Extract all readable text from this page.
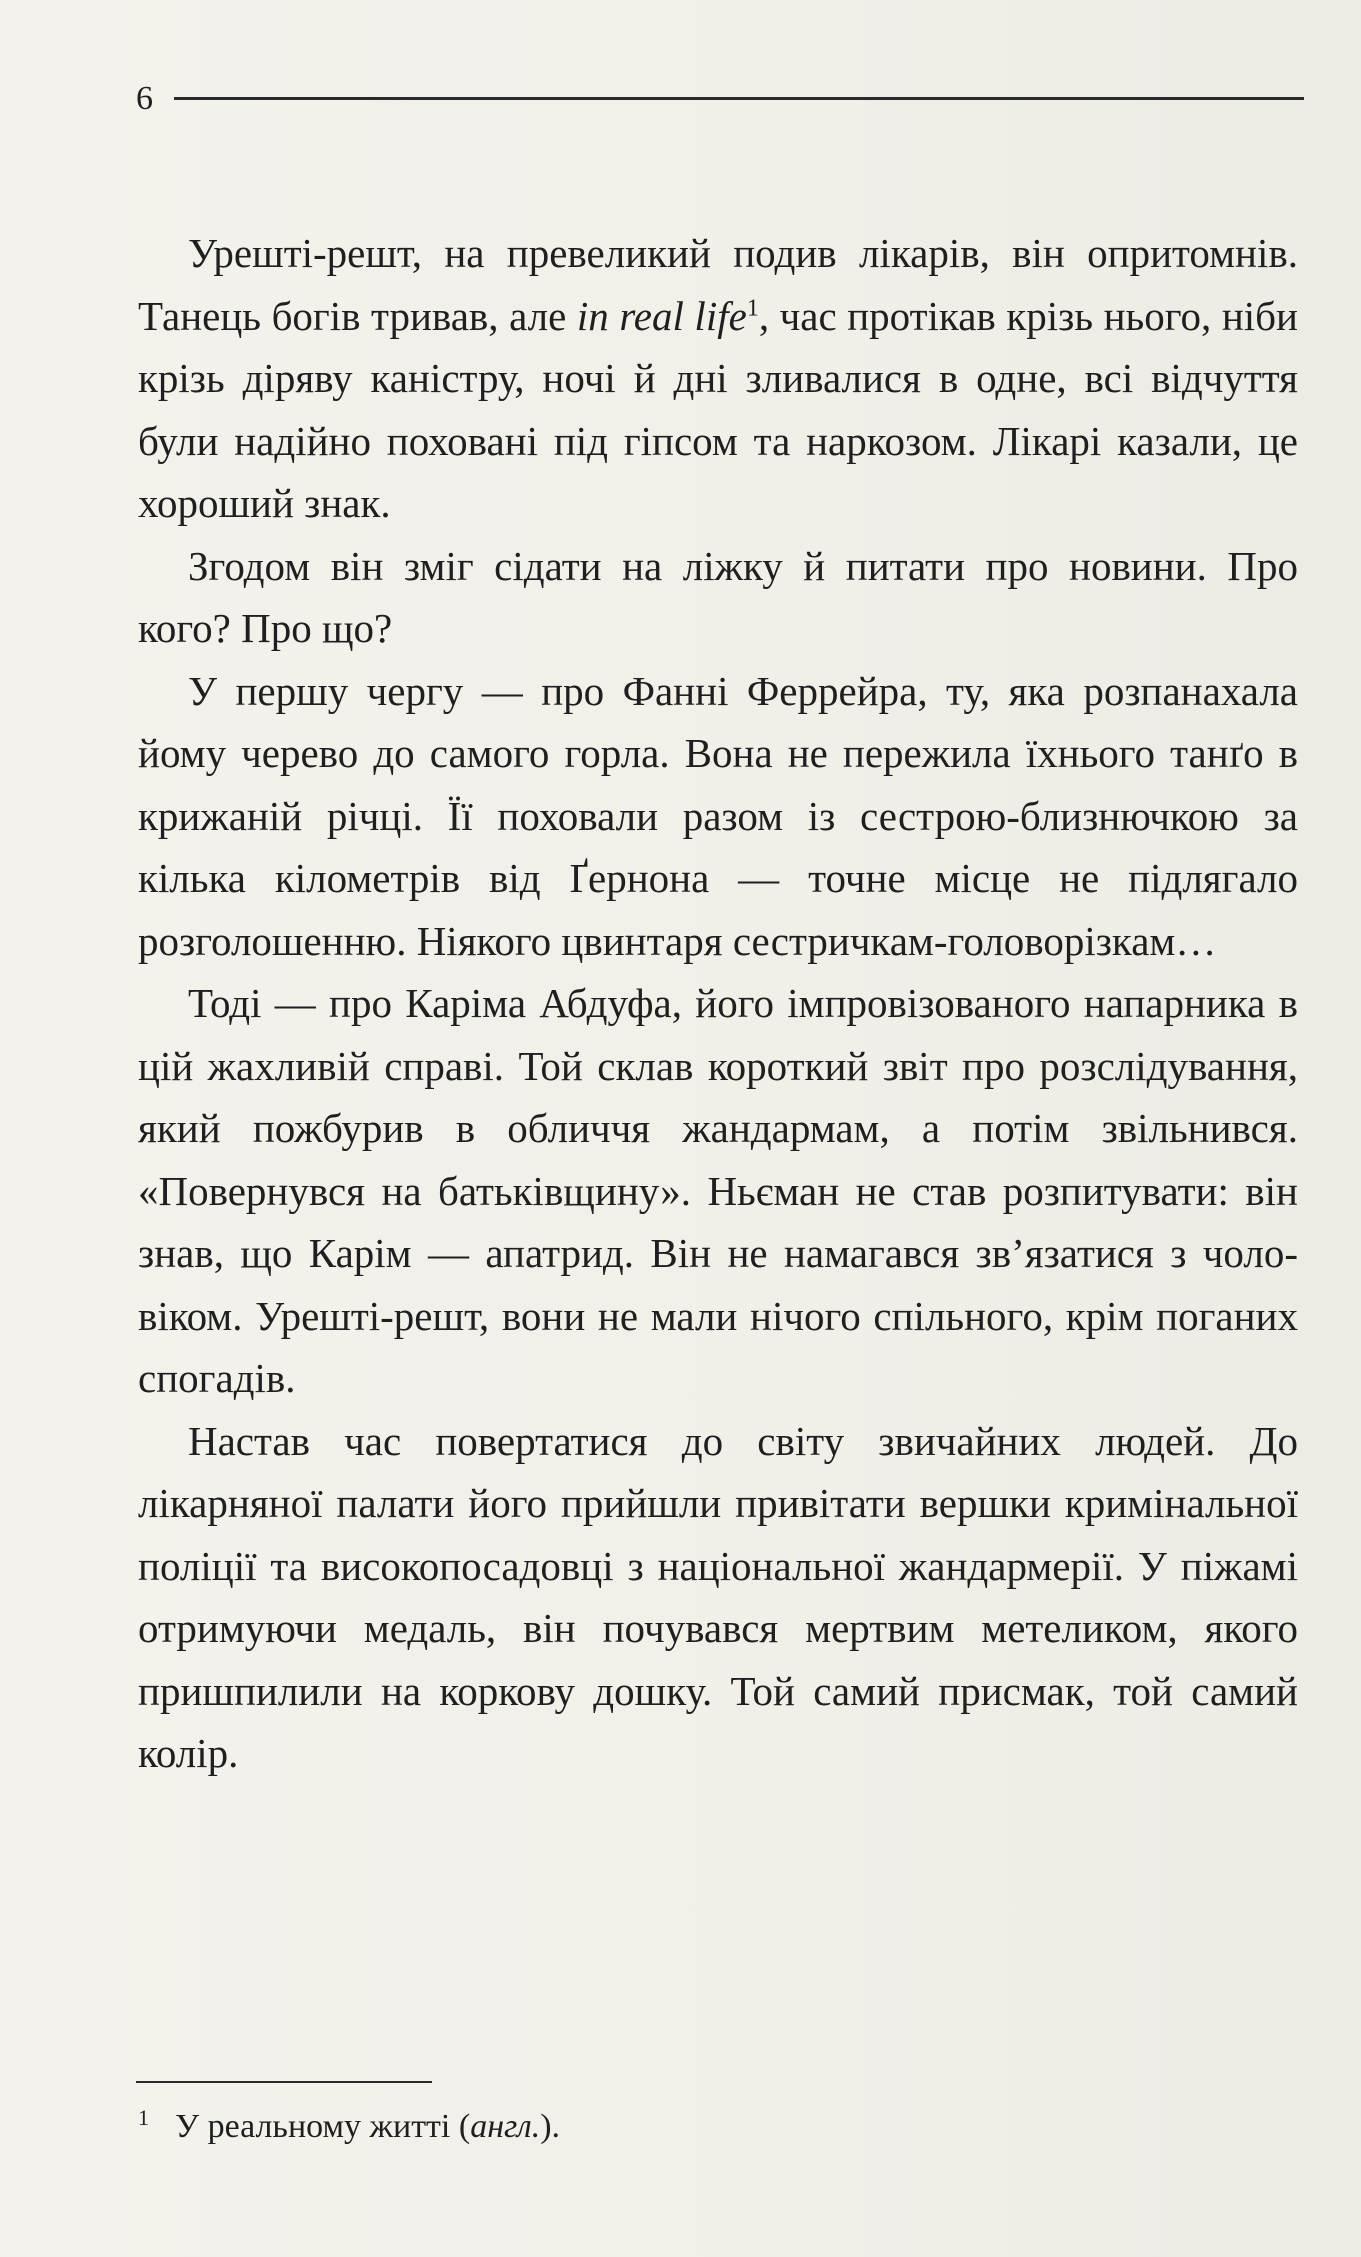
6

Урешті-решт, на превеликий подив лікарів, він опритомнів. Танець богів тривав, але in real life$^1$, час протікав крізь нього, ніби крізь діряву каністру, ночі й дні зливалися в одне, всі відчуття були надійно поховані під гіпсом та наркозом. Лікарі казали, це хороший знак.

Згодом він зміг сідати на ліжку й питати про новини. Про кого? Про що?

У першу чергу — про Фанні Феррейра, ту, яка розпанахала йому черево до самого горла. Вона не пережила їхнього танґо в крижаній річці. Її поховали разом із сестрою-близнючкою за кілька кілометрів від Ґернона — точне місце не підлягало розголошенню. Ніякого цвинтаря сестричкам-головорізкам…

Тоді — про Каріма Абдуфа, його імпровізованого напарника в цій жахливій справі. Той склав короткий звіт про розслідування, який пожбурив в обличчя жандармам, а потім звільнився. «Повернувся на батьківщину». Ньєман не став розпитувати: він знав, що Карім — апатрид. Він не намагався зв’язатися з чоловіком. Урешті-решт, вони не мали нічого спільного, крім поганих спогадів.

Настав час повертатися до світу звичайних людей. До лікарняної палати його прийшли привітати вершки кримінальної поліції та високопосадовці з національної жандармерії. У піжамі отримуючи медаль, він почувався мертвим метеликом, якого пришпилили на коркову дошку. Той самий присмак, той самий колір.

$^1$ У реальному житті (англ.).
